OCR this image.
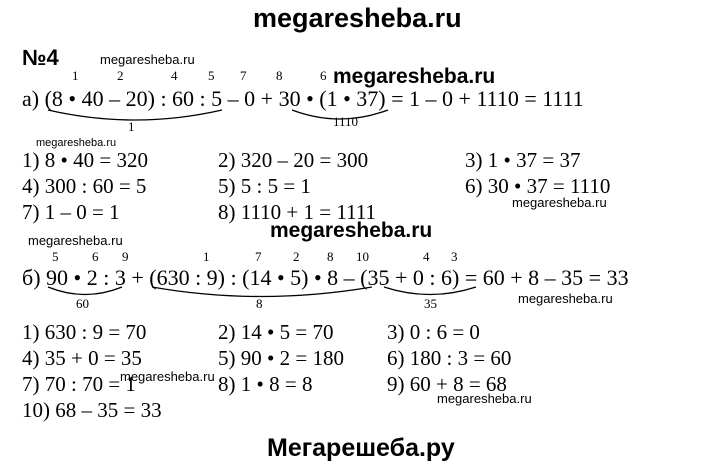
megaresheba.ru
№4	megaresheba.ru
megaresheba.ru
megaresheba.ru
megaresheba.ru
megaresheba.ru	megaresheba.ru
megaresheba.ru
megaresheba.ru
megaresheba.ru
1	2	4 5 7 8	6
а) (8 • 40 – 20) : 60 : 5 – 0 + 30 • (1 • 37) = 1 – 0 + 1110 = 1111
1	1110
1) 8 • 40 = 320	2) 320 – 20 = 300	3) 1 • 37 = 37
4) 300 : 60 = 5	5) 5 : 5 = 1	6) 30 • 37 = 1110
7) 1 – 0 = 1	8) 1110 + 1 = 1111
5	6 9	1	7 2 8 10	4 3
б) 90 • 2 : 3 + (630 : 9) : (14 • 5) • 8 – (35 + 0 : 6) = 60 + 8 – 35 = 33
60	8	35
1) 630 : 9 = 70	2) 14 • 5 = 70	3) 0 : 6 = 0
4) 35 + 0 = 35	5) 90 • 2 = 180 6) 180 : 3 = 60
7) 70 : 70 = 1	8) 1 • 8 = 8	9) 60 + 8 = 68
10) 68 – 35 = 33
Мегарешеба.ру
